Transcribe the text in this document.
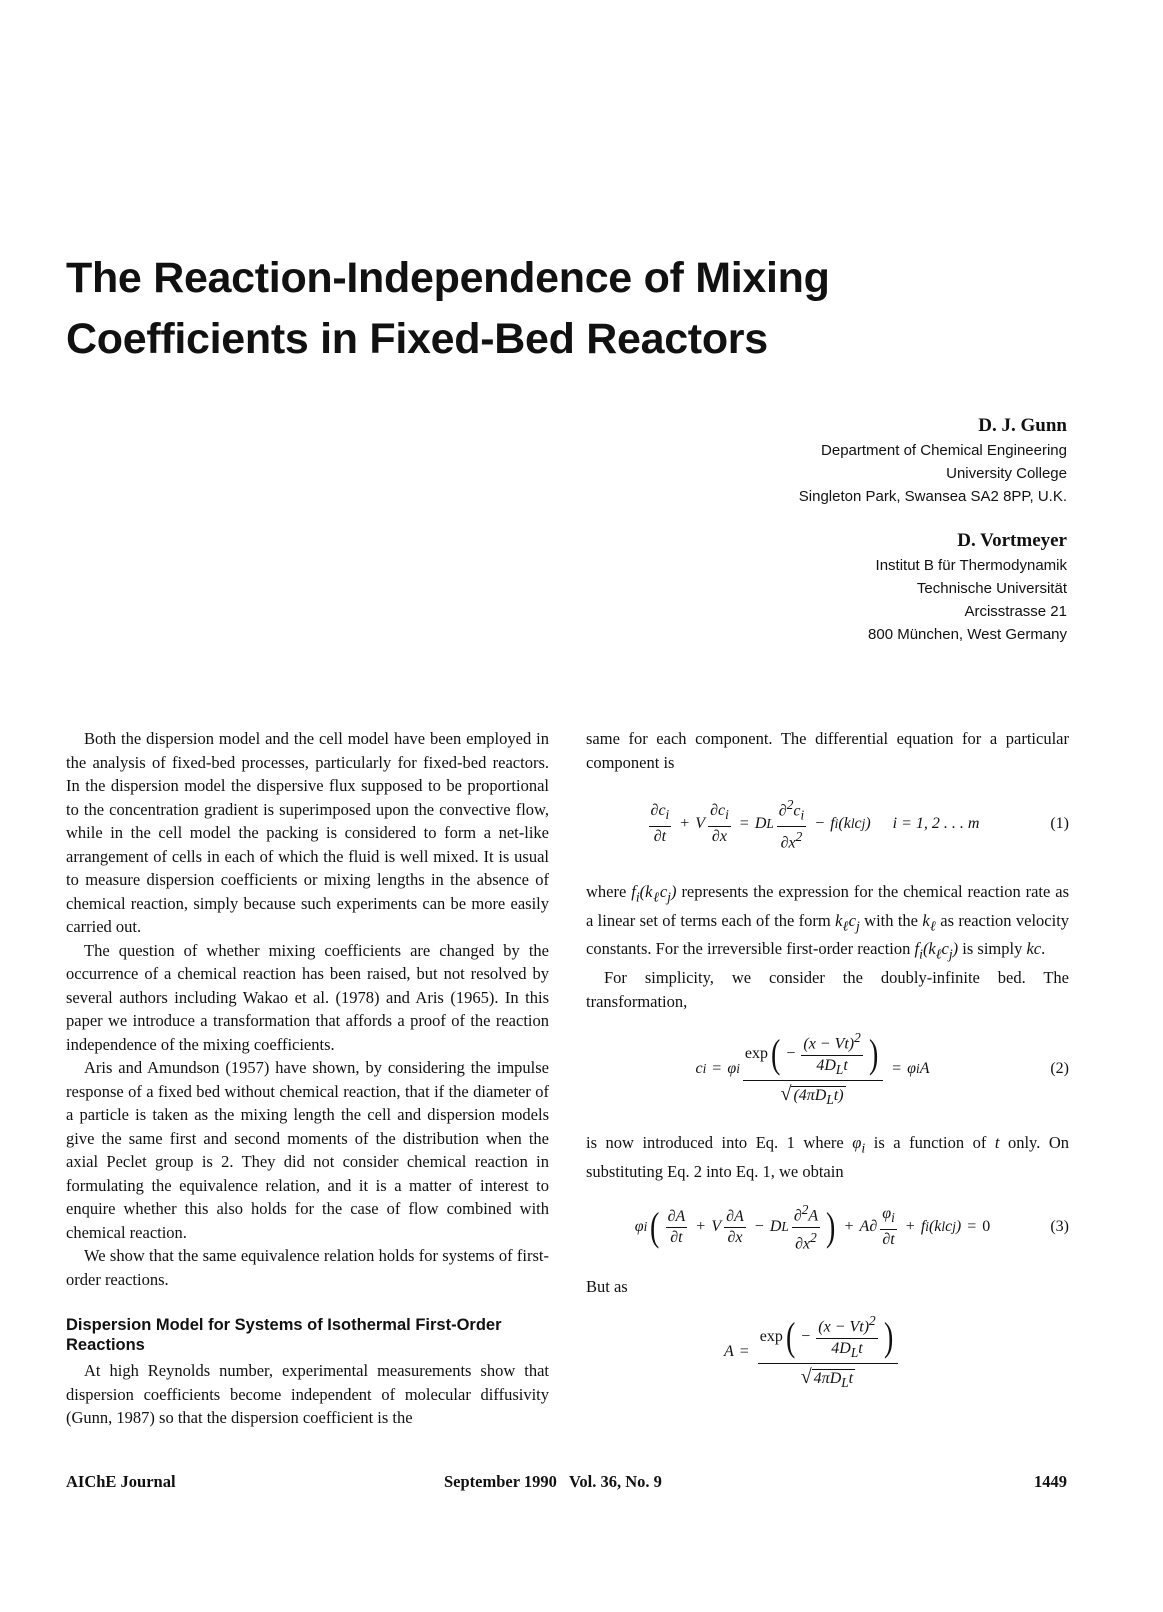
The Reaction-Independence of Mixing
Coefficients in Fixed-Bed Reactors
D. J. Gunn
Department of Chemical Engineering
University College
Singleton Park, Swansea SA2 8PP, U.K.
D. Vortmeyer
Institut B für Thermodynamik
Technische Universität
Arcisstrasse 21
800 München, West Germany

Both the dispersion model and the cell model have been employed in the analysis of fixed-bed processes, particularly for fixed-bed reactors. In the dispersion model the dispersive flux supposed to be proportional to the concentration gradient is superimposed upon the convective flow, while in the cell model the packing is considered to form a net-like arrangement of cells in each of which the fluid is well mixed. It is usual to measure dispersion coefficients or mixing lengths in the absence of chemical reaction, simply because such experiments can be more easily carried out.

The question of whether mixing coefficients are changed by the occurrence of a chemical reaction has been raised, but not resolved by several authors including Wakao et al. (1978) and Aris (1965). In this paper we introduce a transformation that affords a proof of the reaction independence of the mixing coefficients.

Aris and Amundson (1957) have shown, by considering the impulse response of a fixed bed without chemical reaction, that if the diameter of a particle is taken as the mixing length the cell and dispersion models give the same first and second moments of the distribution when the axial Peclet group is 2. They did not consider chemical reaction in formulating the equivalence relation, and it is a matter of interest to enquire whether this also holds for the case of flow combined with chemical reaction.

We show that the same equivalence relation holds for systems of first-order reactions.

Dispersion Model for Systems of Isothermal First-Order Reactions

At high Reynolds number, experimental measurements show that dispersion coefficients become independent of molecular diffusivity (Gunn, 1987) so that the dispersion coefficient is the

same for each component. The differential equation for a particular component is

$\frac{\partial c_i}{\partial t} + V \frac{\partial c_i}{\partial x} = D$ L $\frac{\partial^2c_i}{\partial x^2} - f$ i (k l c j ) i = 1, 2 . . . m	(1)

where $f_i(k_\ell c_j)$ represents the expression for the chemical reaction rate as a linear set of terms each of the form $k_\ell c_j$ with the $k_\ell$ as reaction velocity constants. For the irreversible first-order reaction $f_i(k_\ell c_j)$ is simply kc.

For simplicity, we consider the doubly-infinite bed. The transformation,

c i = φ i
exp ( − $\frac{(x - Vt)^2}{4D_Lt}$ )
√ $(4\pi D_Lt)$
= φ i A	(2)

is now introduced into Eq. 1 where $\varphi_i$ is a function of t only. On substituting Eq. 2 into Eq. 1, we obtain

φ i ( $\frac{\partial A}{\partial t} + V \frac{\partial A}{\partial x} - D$ L $\frac{\partial^2A}{\partial x^2}$ ) + A ∂ $\frac{\varphi_i}{\partial t} + f$ i (k l c j ) = 0	(3)

But as

A =
exp ( − $\frac{(x - Vt)^2}{4D_Lt}$ )
√ $4\pi D_Lt$
AIChE Journal	September 1990 Vol. 36, No. 9	1449
